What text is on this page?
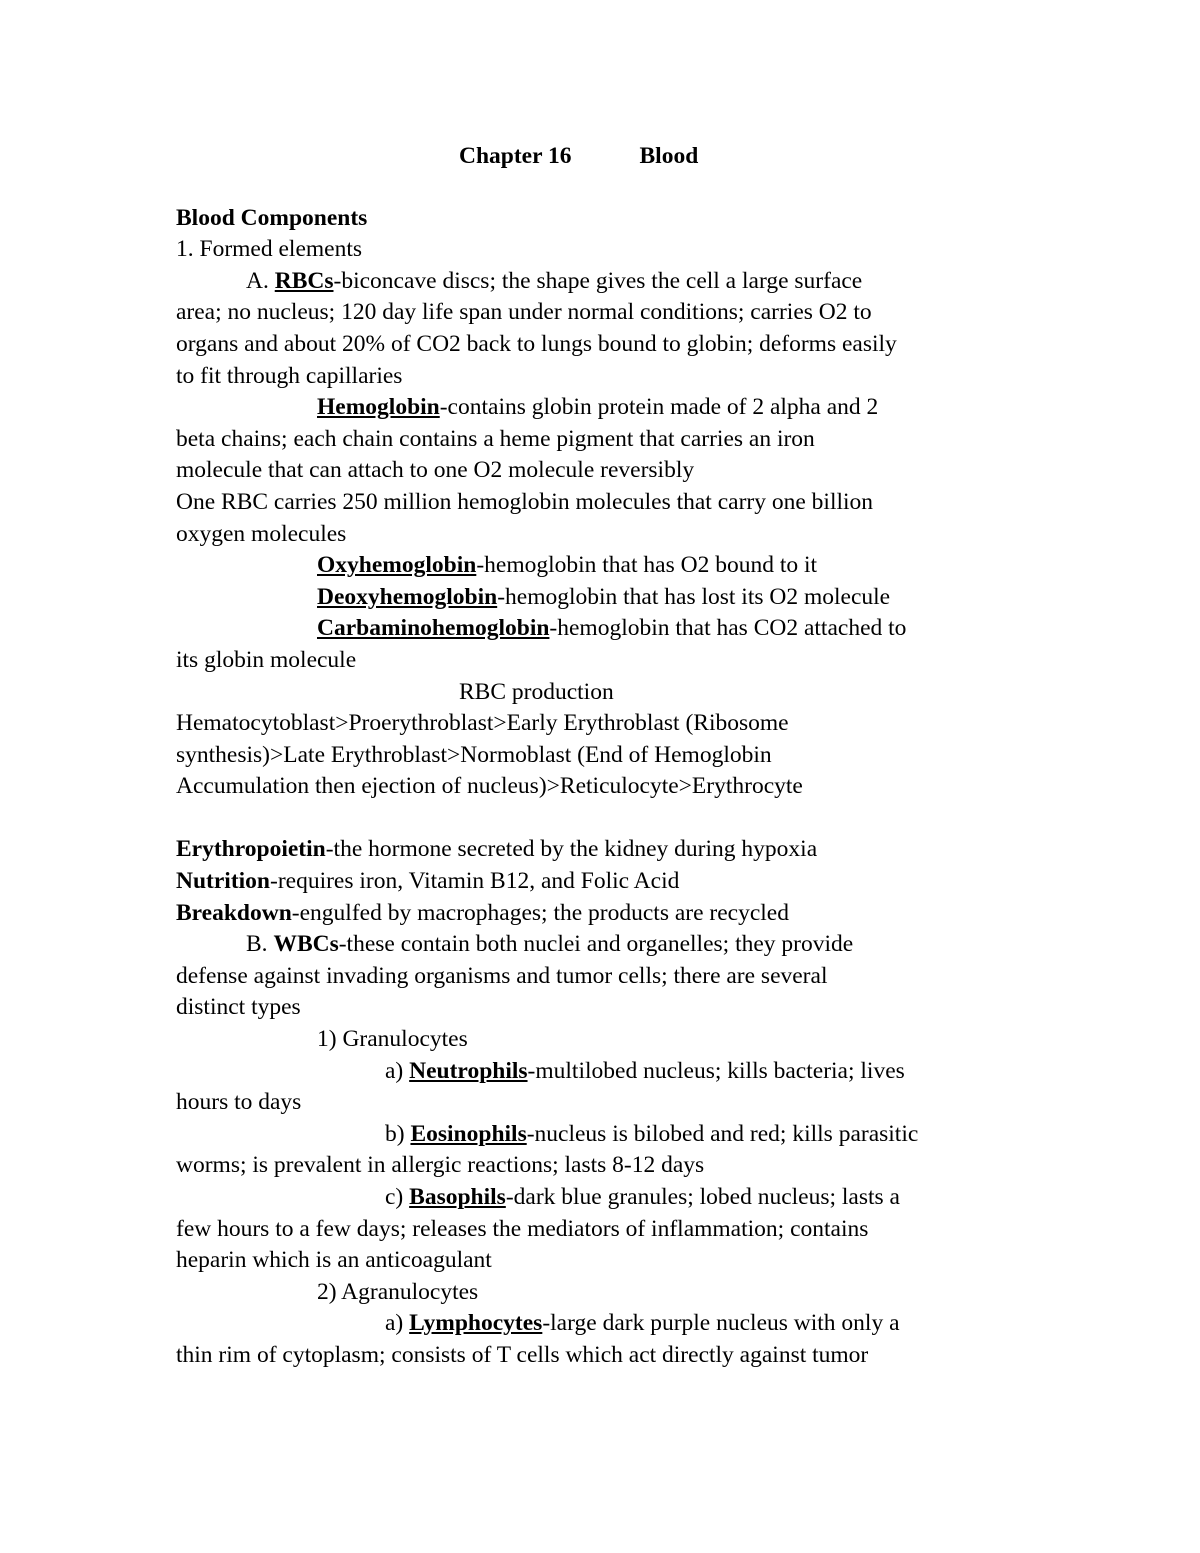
Chapter 16	Blood
Blood Components
1. Formed elements
A. RBCs-biconcave discs; the shape gives the cell a large surface
area; no nucleus; 120 day life span under normal conditions; carries O2 to
organs and about 20% of CO2 back to lungs bound to globin; deforms easily
to fit through capillaries
Hemoglobin-contains globin protein made of 2 alpha and 2
beta chains; each chain contains a heme pigment that carries an iron
molecule that can attach to one O2 molecule reversibly
One RBC carries 250 million hemoglobin molecules that carry one billion
oxygen molecules
Oxyhemoglobin-hemoglobin that has O2 bound to it
Deoxyhemoglobin-hemoglobin that has lost its O2 molecule
Carbaminohemoglobin-hemoglobin that has CO2 attached to
its globin molecule
RBC production
Hematocytoblast>Proerythroblast>Early Erythroblast (Ribosome
synthesis)>Late Erythroblast>Normoblast (End of Hemoglobin
Accumulation then ejection of nucleus)>Reticulocyte>Erythrocyte
Erythropoietin-the hormone secreted by the kidney during hypoxia
Nutrition-requires iron, Vitamin B12, and Folic Acid
Breakdown-engulfed by macrophages; the products are recycled
B. WBCs-these contain both nuclei and organelles; they provide
defense against invading organisms and tumor cells; there are several
distinct types
1) Granulocytes
a) Neutrophils-multilobed nucleus; kills bacteria; lives
hours to days
b) Eosinophils-nucleus is bilobed and red; kills parasitic
worms; is prevalent in allergic reactions; lasts 8-12 days
c) Basophils-dark blue granules; lobed nucleus; lasts a
few hours to a few days; releases the mediators of inflammation; contains
heparin which is an anticoagulant
2) Agranulocytes
a) Lymphocytes-large dark purple nucleus with only a
thin rim of cytoplasm; consists of T cells which act directly against tumor
